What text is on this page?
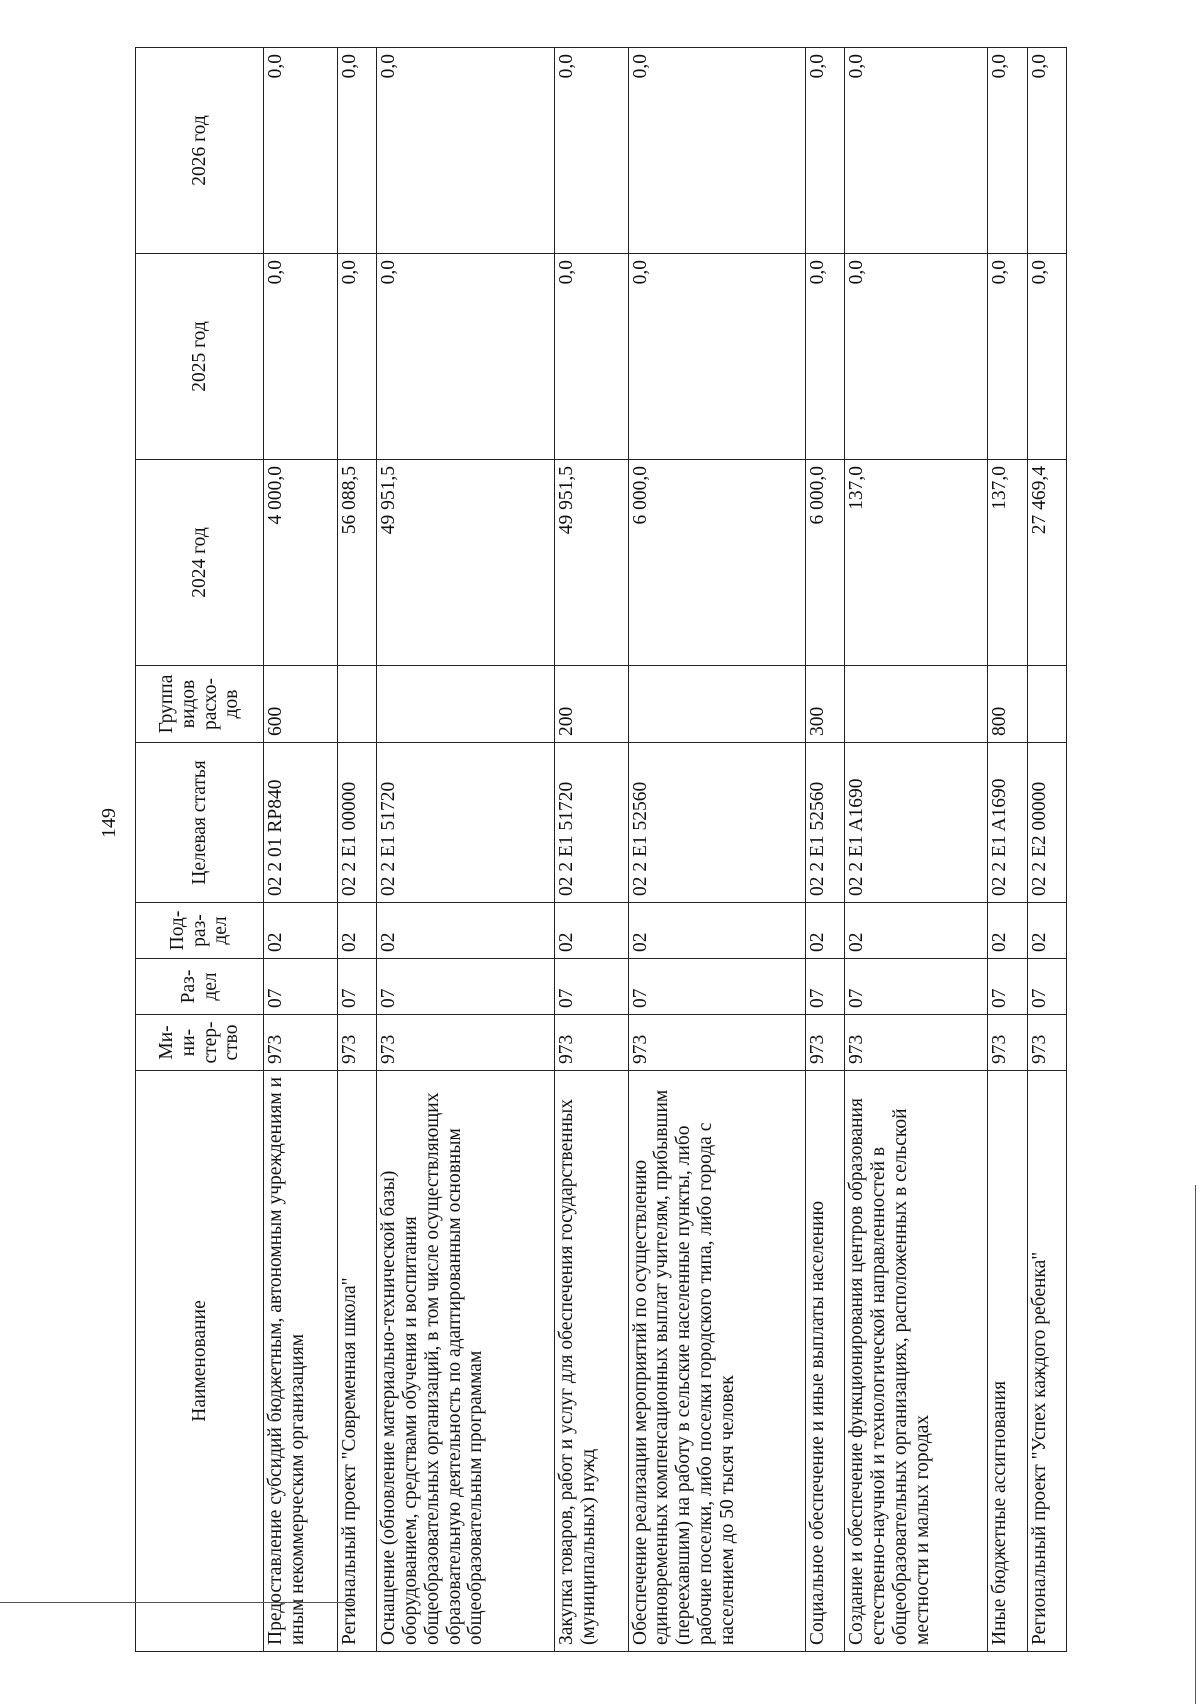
149
Наименование	Ми-
ни-
стер-
ство	Раз-
дел	Под-
раз-
дел	Целевая статья	Группа
видов
расхо-
дов	2024 год	2025 год	2026 год
Предоставление субсидий бюджетным, автономным учреждениям и иным некоммерческим организациям	973	07	02	02 2 01 RP840	600	4 000,0	0,0	0,0
Региональный проект "Современная школа"	973	07	02	02 2 E1 00000		56 088,5	0,0	0,0
Оснащение (обновление материально-технической базы) оборудованием, средствами обучения и воспитания общеобразовательных организаций, в том числе осуществляющих образовательную деятельность по адаптированным основным общеобразовательным программам	973	07	02	02 2 E1 51720		49 951,5	0,0	0,0
Закупка товаров, работ и услуг для обеспечения государственных (муниципальных) нужд	973	07	02	02 2 E1 51720	200	49 951,5	0,0	0,0
Обеспечение реализации мероприятий по осуществлению единовременных компенсационных выплат учителям, прибывшим (переехавшим) на работу в сельские населенные пункты, либо рабочие поселки, либо поселки городского типа, либо города с населением до 50 тысяч человек	973	07	02	02 2 E1 52560		6 000,0	0,0	0,0
Социальное обеспечение и иные выплаты населению	973	07	02	02 2 E1 52560	300	6 000,0	0,0	0,0
Создание и обеспечение функционирования центров образования естественно-научной и технологической направленностей в общеобразовательных организациях, расположенных в сельской местности и малых городах	973	07	02	02 2 E1 A1690		137,0	0,0	0,0
Иные бюджетные ассигнования	973	07	02	02 2 E1 A1690	800	137,0	0,0	0,0
Региональный проект "Успех каждого ребенка"	973	07	02	02 2 E2 00000		27 469,4	0,0	0,0
